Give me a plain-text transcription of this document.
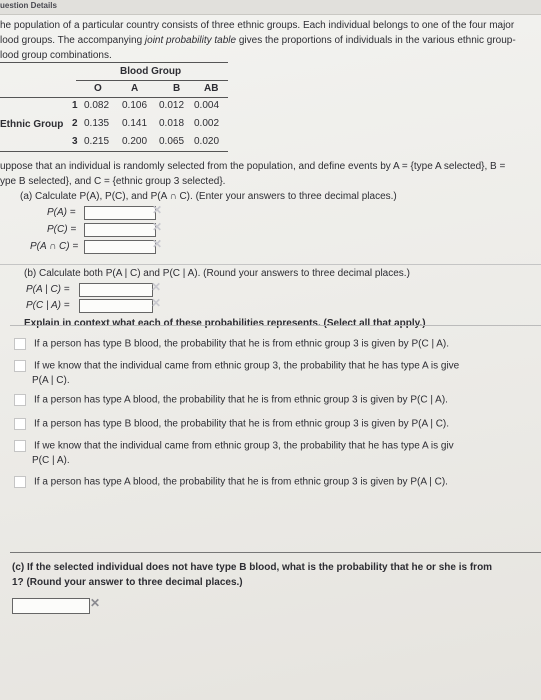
uestion Details

he population of a particular country consists of three ethnic groups. Each individual belongs to one of the four major
lood groups. The accompanying joint probability table gives the proportions of individuals in the various ethnic group-
lood group combinations.

Blood Group
O	A	B AB
Ethnic Group
1 0.082 0.106 0.012 0.004
2 0.135 0.141 0.018 0.002
3 0.215 0.200 0.065 0.020
uppose that an individual is randomly selected from the population, and define events by A = {type A selected}, B =
ype B selected}, and C = {ethnic group 3 selected}.
(a) Calculate P(A), P(C), and P(A ∩ C). (Enter your answers to three decimal places.)
P(A) =	✕
P(C) =	✕
P(A ∩ C) =	✕
(b) Calculate both P(A | C) and P(C | A). (Round your answers to three decimal places.)
P(A | C) =	✕
P(C | A) =	✕
Explain in context what each of these probabilities represents. (Select all that apply.)
If a person has type B blood, the probability that he is from ethnic group 3 is given by P(C | A).
If we know that the individual came from ethnic group 3, the probability that he has type A is give
P(A | C).
If a person has type A blood, the probability that he is from ethnic group 3 is given by P(C | A).
If a person has type B blood, the probability that he is from ethnic group 3 is given by P(A | C).
If we know that the individual came from ethnic group 3, the probability that he has type A is giv
P(C | A).
If a person has type A blood, the probability that he is from ethnic group 3 is given by P(A | C).
(c) If the selected individual does not have type B blood, what is the probability that he or she is from
1? (Round your answer to three decimal places.)
✕
